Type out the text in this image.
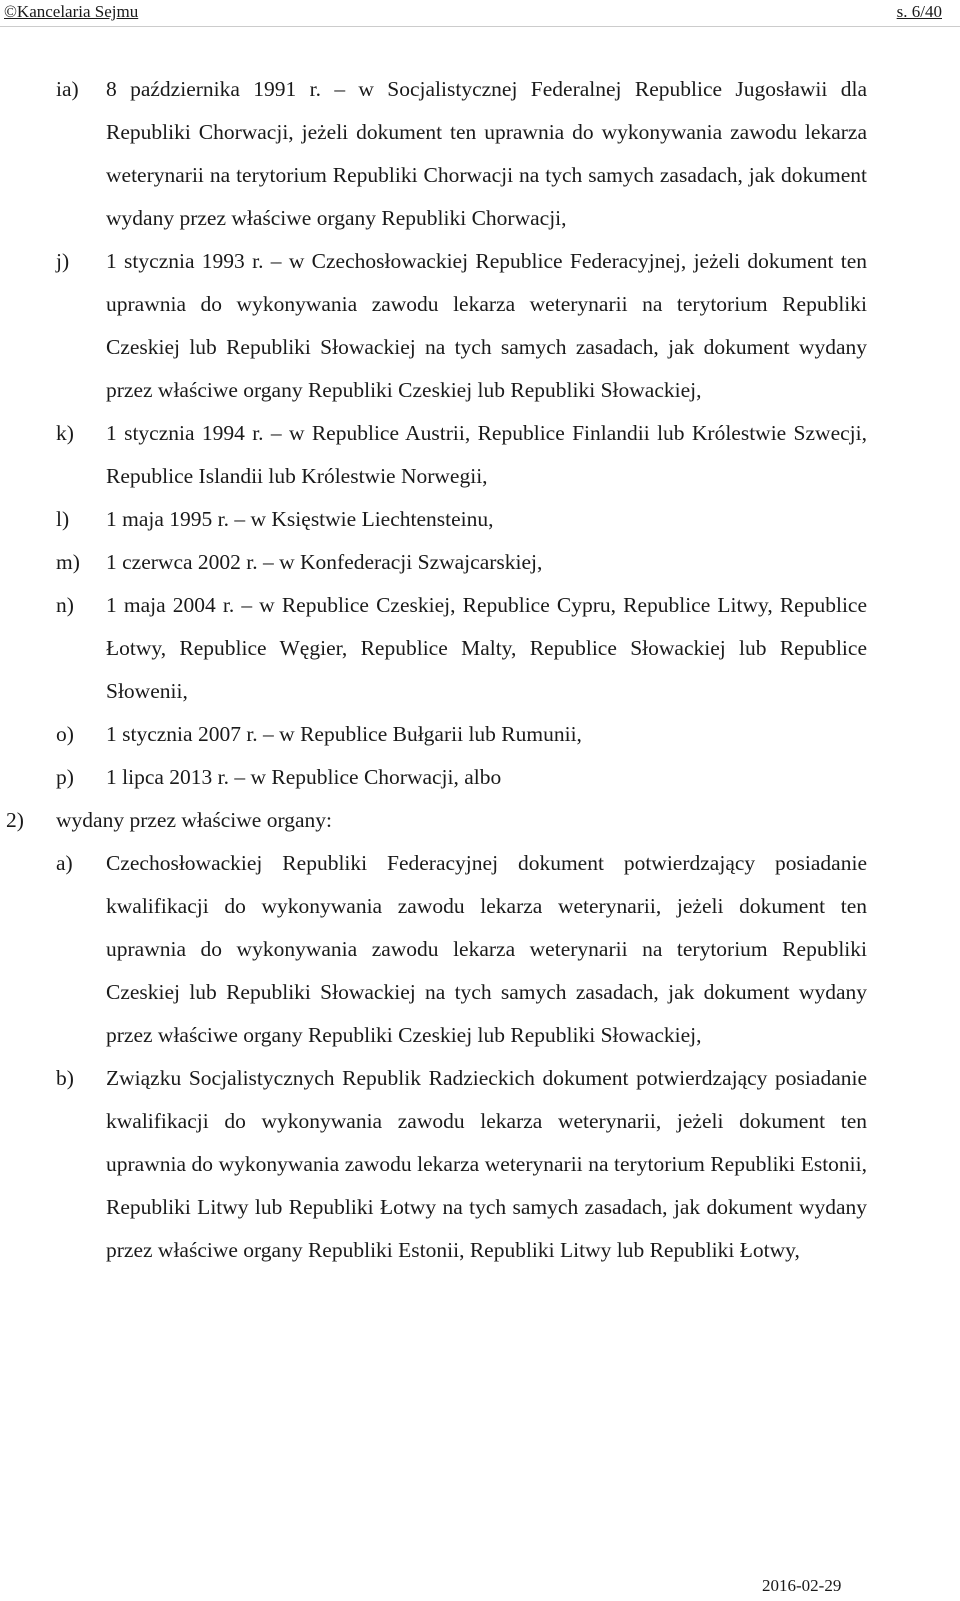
©Kancelaria Sejmu	s. 6/40
ia) 8 października 1991 r. – w Socjalistycznej Federalnej Republice Jugosławii dla Republiki Chorwacji, jeżeli dokument ten uprawnia do wykonywania zawodu lekarza weterynarii na terytorium Republiki Chorwacji na tych samych zasadach, jak dokument wydany przez właściwe organy Republiki Chorwacji,
j) 1 stycznia 1993 r. – w Czechosłowackiej Republice Federacyjnej, jeżeli dokument ten uprawnia do wykonywania zawodu lekarza weterynarii na terytorium Republiki Czeskiej lub Republiki Słowackiej na tych samych zasadach, jak dokument wydany przez właściwe organy Republiki Czeskiej lub Republiki Słowackiej,
k) 1 stycznia 1994 r. – w Republice Austrii, Republice Finlandii lub Królestwie Szwecji, Republice Islandii lub Królestwie Norwegii,
l) 1 maja 1995 r. – w Księstwie Liechtensteinu,
m) 1 czerwca 2002 r. – w Konfederacji Szwajcarskiej,
n) 1 maja 2004 r. – w Republice Czeskiej, Republice Cypru, Republice Litwy, Republice Łotwy, Republice Węgier, Republice Malty, Republice Słowackiej lub Republice Słowenii,
o) 1 stycznia 2007 r. – w Republice Bułgarii lub Rumunii,
p) 1 lipca 2013 r. – w Republice Chorwacji, albo
2) wydany przez właściwe organy:
a) Czechosłowackiej Republiki Federacyjnej dokument potwierdzający posiadanie kwalifikacji do wykonywania zawodu lekarza weterynarii, jeżeli dokument ten uprawnia do wykonywania zawodu lekarza weterynarii na terytorium Republiki Czeskiej lub Republiki Słowackiej na tych samych zasadach, jak dokument wydany przez właściwe organy Republiki Czeskiej lub Republiki Słowackiej,
b) Związku Socjalistycznych Republik Radzieckich dokument potwierdzający posiadanie kwalifikacji do wykonywania zawodu lekarza weterynarii, jeżeli dokument ten uprawnia do wykonywania zawodu lekarza weterynarii na terytorium Republiki Estonii, Republiki Litwy lub Republiki Łotwy na tych samych zasadach, jak dokument wydany przez właściwe organy Republiki Estonii, Republiki Litwy lub Republiki Łotwy,
2016-02-29
